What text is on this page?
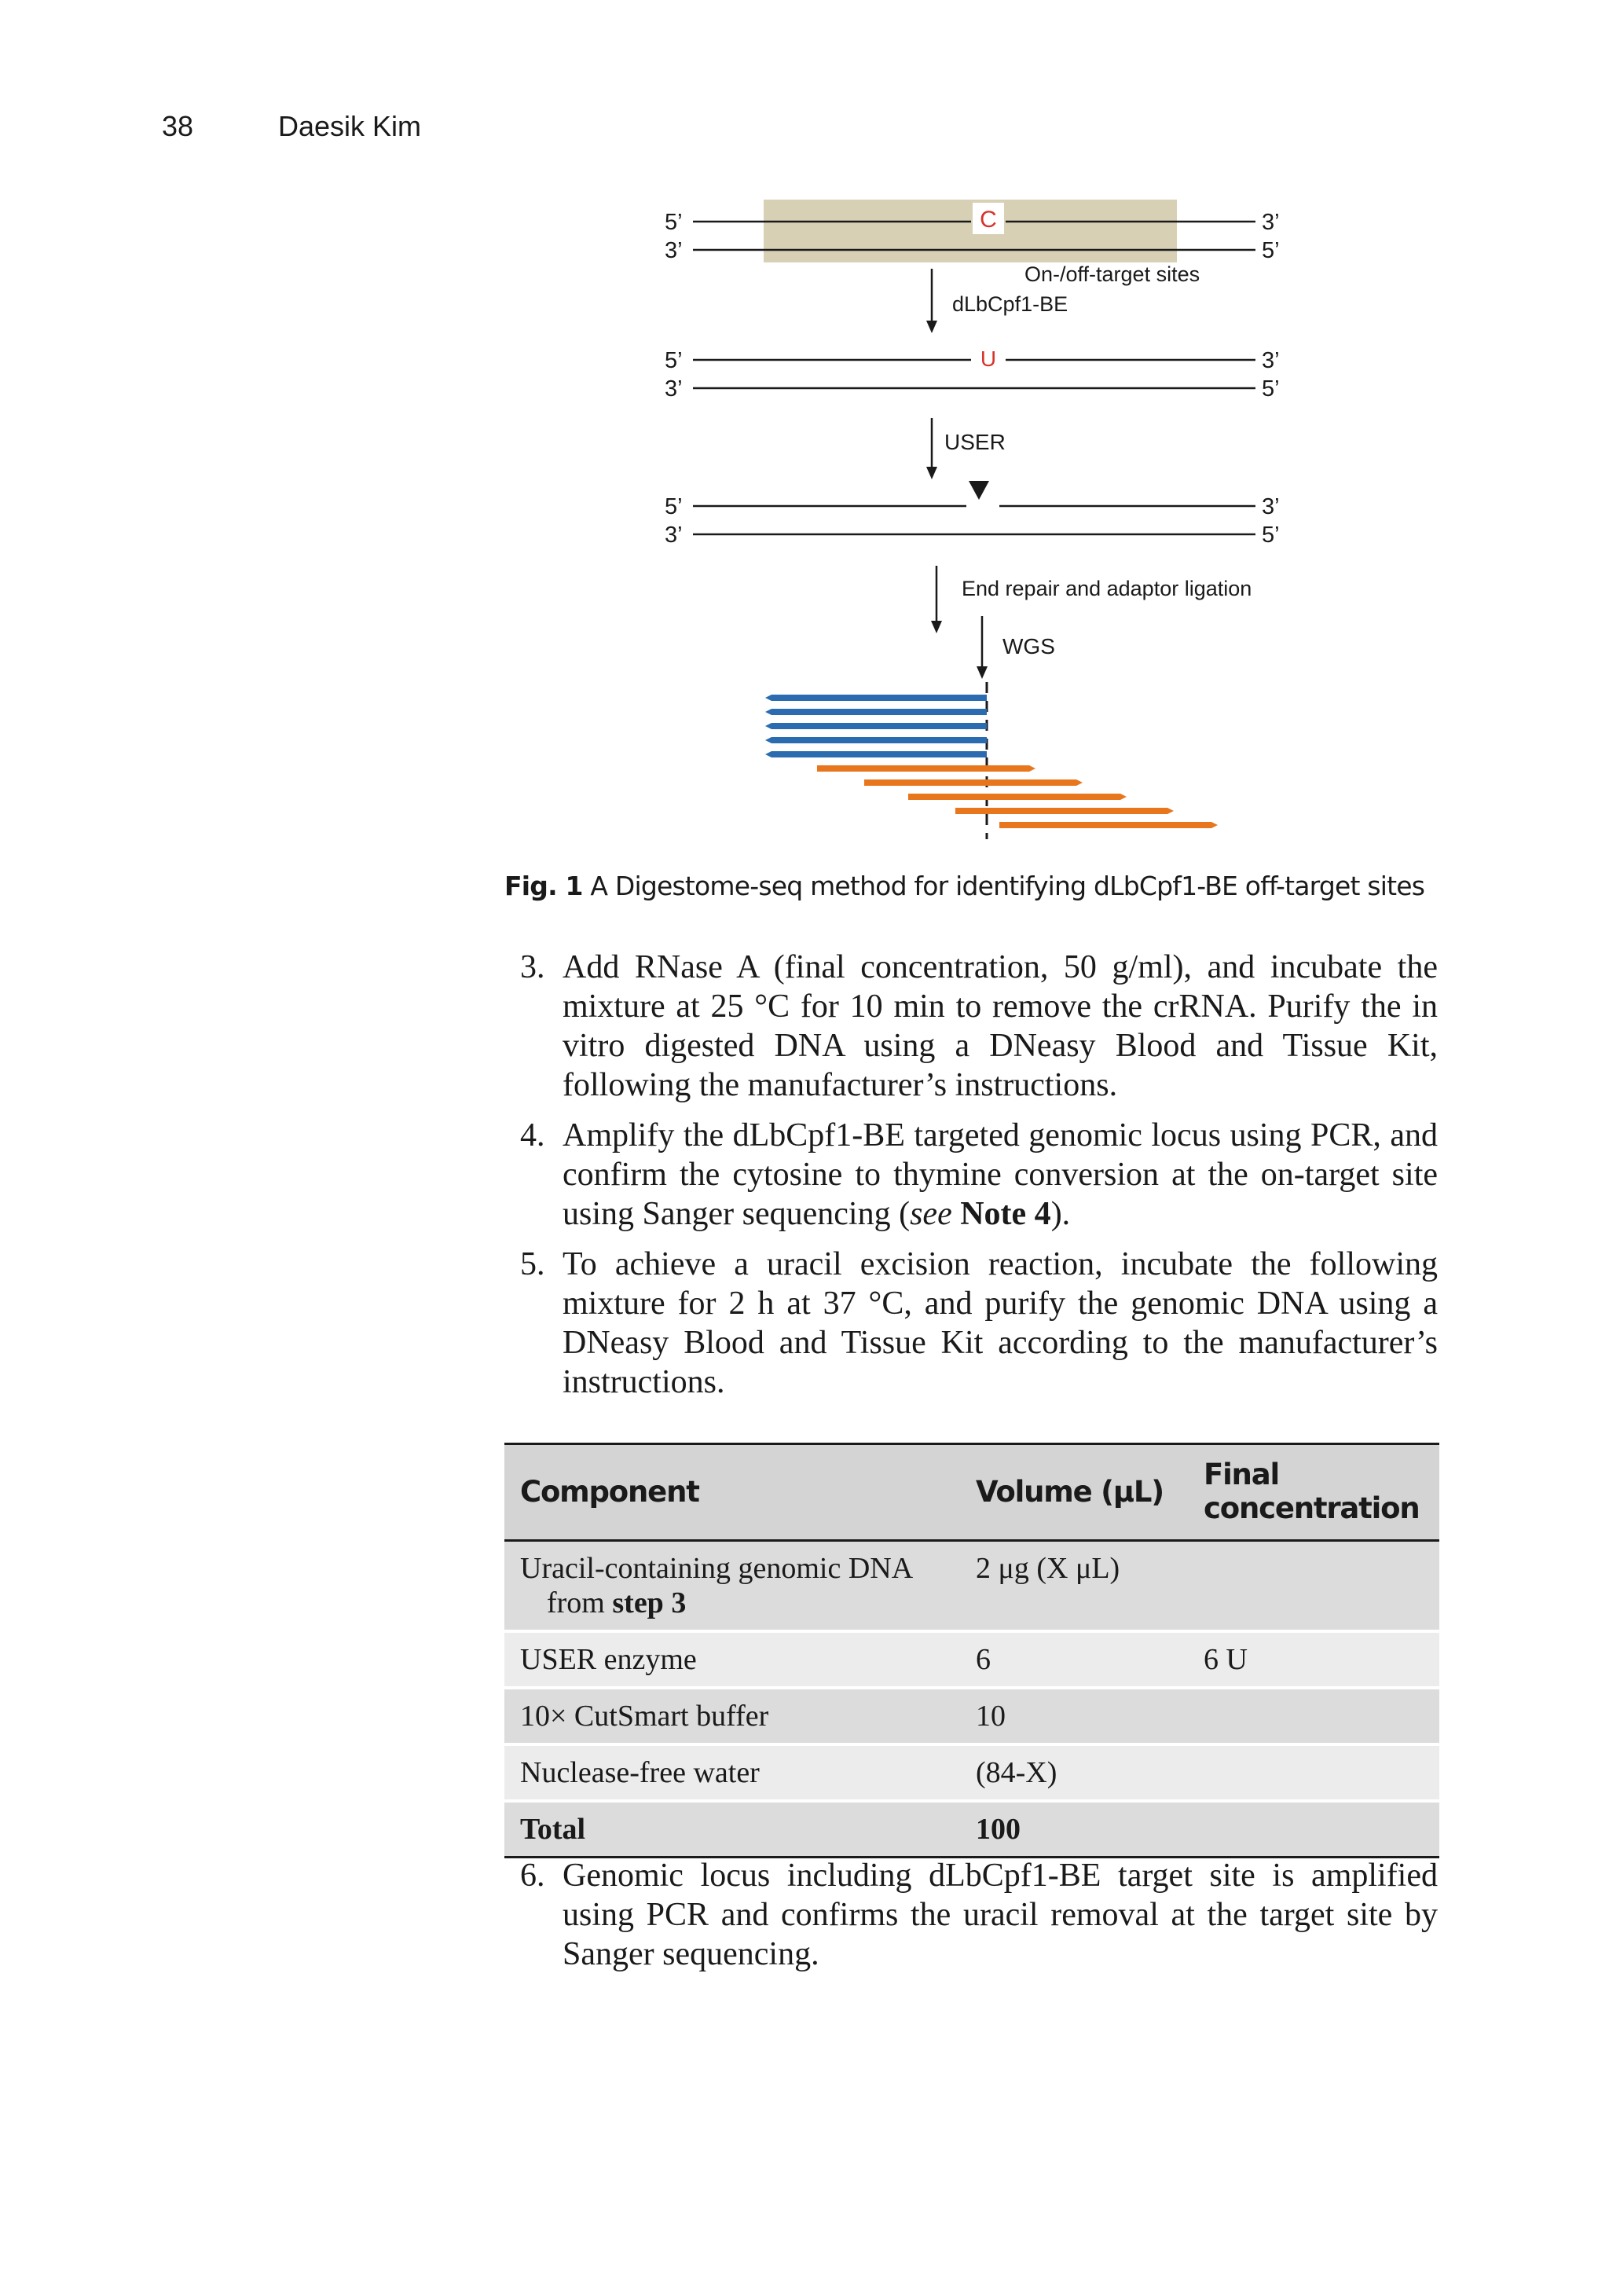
38	Daesik Kim
C
5’
3’
3’
5’
On-/off-target sites
dLbCpf1-BE
5’
3’
U	3’
5’
USER
5’
3’
3’
5’
End repair and adaptor ligation
WGS
Fig. 1 A Digestome-seq method for identifying dLbCpf1-BE off-target sites
3. Add RNase A (final concentration, 50 g/ml), and incubate the mixture at 25 °C for 10 min to remove the crRNA. Purify the in vitro digested DNA using a DNeasy Blood and Tissue Kit, following the manufacturer’s instructions.
4. Amplify the dLbCpf1-BE targeted genomic locus using PCR, and confirm the cytosine to thymine conversion at the on-target site using Sanger sequencing (see Note 4).
5. To achieve a uracil excision reaction, incubate the following mixture for 2 h at 37 °C, and purify the genomic DNA using a DNeasy Blood and Tissue Kit according to the manufacturer’s instructions.
Component	Volume (μL)	Final concentration
Uracil-containing genomic DNA
from step 3	2 μg (X μL)	
USER enzyme	6	6 U
10× CutSmart buffer	10	
Nuclease-free water	(84-X)	
Total	100	
6. Genomic locus including dLbCpf1-BE target site is amplified using PCR and confirms the uracil removal at the target site by Sanger sequencing.
